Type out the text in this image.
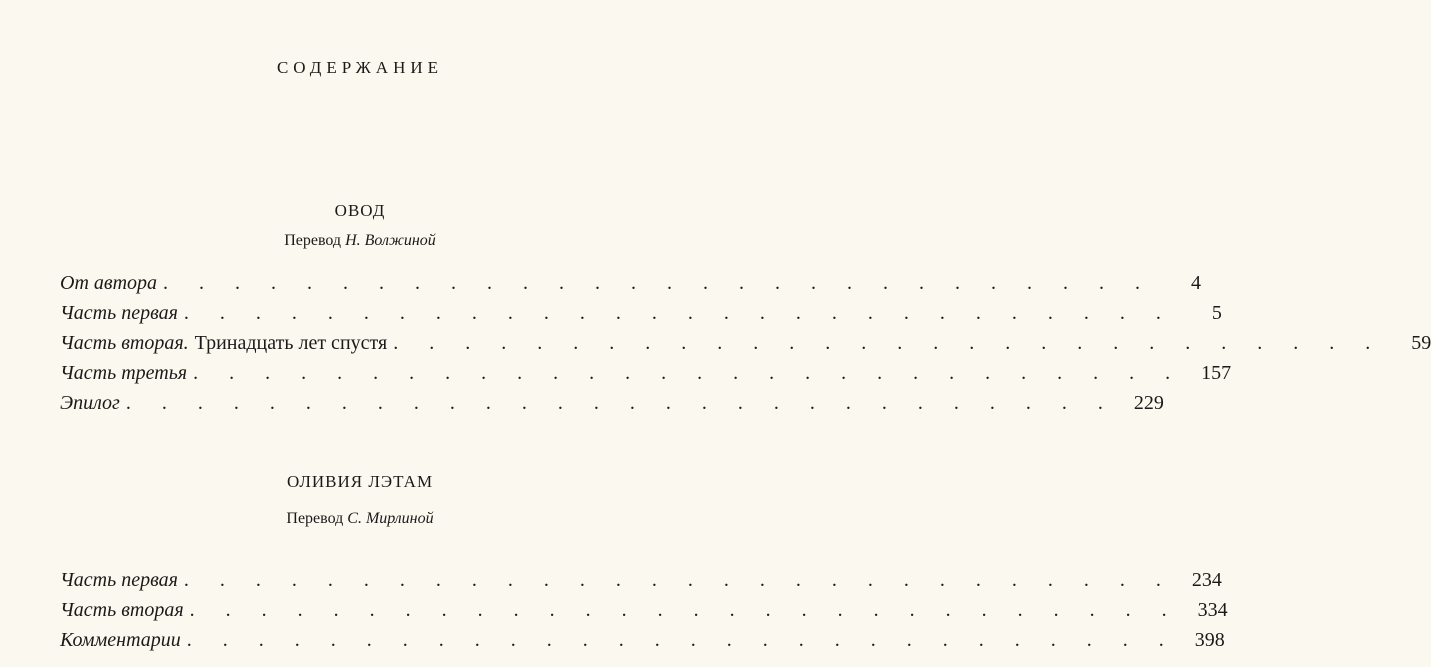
СОДЕРЖАНИЕ
ОВОД
Перевод Н. Волжиной
От автора . . . . . . . . . . . . . . . . . . . . . . . . . . . .	4
Часть первая . . . . . . . . . . . . . . . . . . . . . . . . . . . .	5
Часть вторая. Тринадцать лет спустя . . . . . . . . . . . . . . . . . . . . . . . . . . . .	59
Часть третья . . . . . . . . . . . . . . . . . . . . . . . . . . . . 157
Эпилог . . . . . . . . . . . . . . . . . . . . . . . . . . . . 229
ОЛИВИЯ ЛЭТАМ
Перевод С. Мирлиной
Часть первая . . . . . . . . . . . . . . . . . . . . . . . . . . . . 234
Часть вторая . . . . . . . . . . . . . . . . . . . . . . . . . . . . 334
Комментарии . . . . . . . . . . . . . . . . . . . . . . . . . . . . 398
